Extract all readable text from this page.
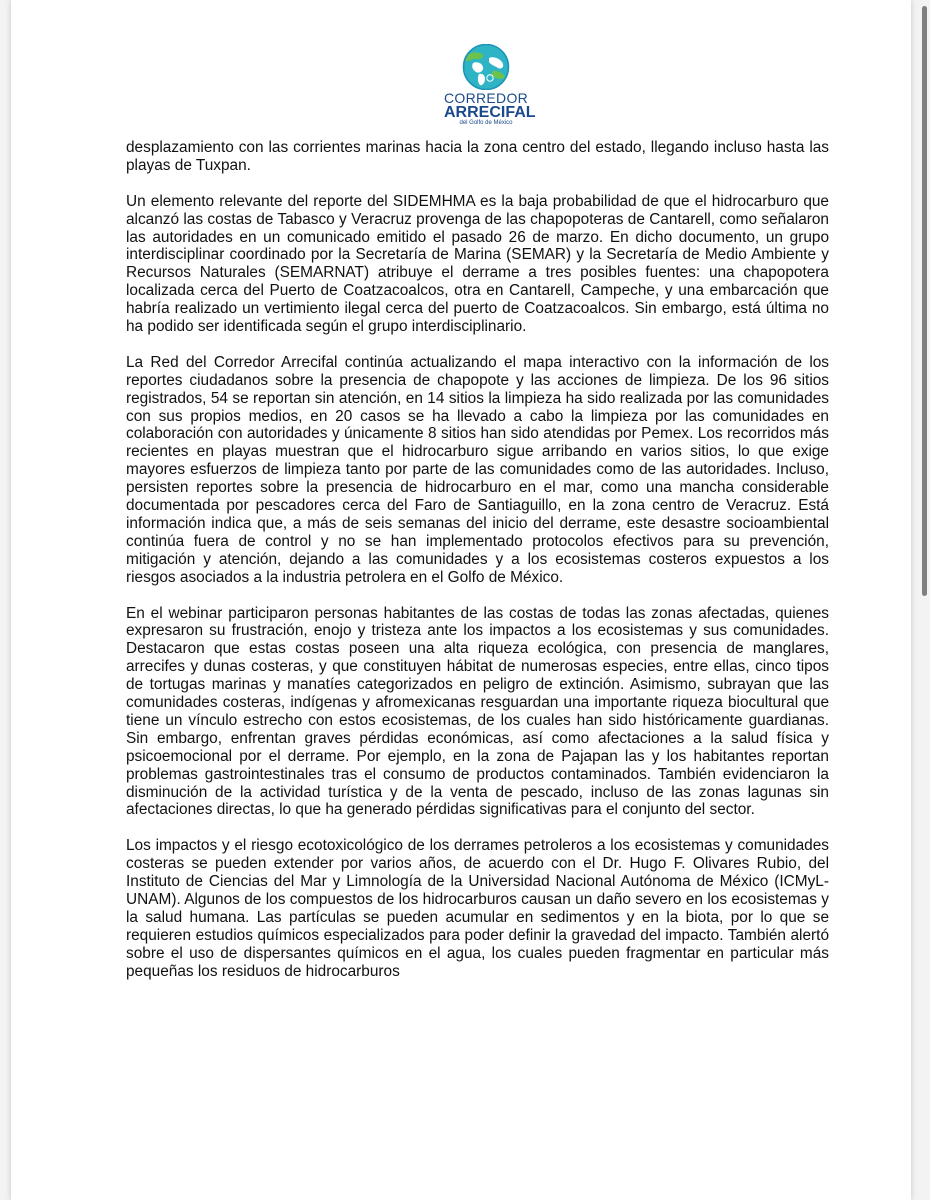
CORREDOR
ARRECIFAL
del Golfo de México

desplazamiento con las corrientes marinas hacia la zona centro del estado, llegando incluso hasta las playas de Tuxpan.

Un elemento relevante del reporte del SIDEMHMA es la baja probabilidad de que el hidrocarburo que alcanzó las costas de Tabasco y Veracruz provenga de las chapopoteras de Cantarell, como señalaron las autoridades en un comunicado emitido el pasado 26 de marzo. En dicho documento, un grupo interdisciplinar coordinado por la Secretaría de Marina (SEMAR) y la Secretaría de Medio Ambiente y Recursos Naturales (SEMARNAT) atribuye el derrame a tres posibles fuentes: una chapopotera localizada cerca del Puerto de Coatzacoalcos, otra en Cantarell, Campeche, y una embarcación que habría realizado un vertimiento ilegal cerca del puerto de Coatzacoalcos. Sin embargo, está última no ha podido ser identificada según el grupo interdisciplinario.

La Red del Corredor Arrecifal continúa actualizando el mapa interactivo con la información de los reportes ciudadanos sobre la presencia de chapopote y las acciones de limpieza. De los 96 sitios registrados, 54 se reportan sin atención, en 14 sitios la limpieza ha sido realizada por las comunidades con sus propios medios, en 20 casos se ha llevado a cabo la limpieza por las comunidades en colaboración con autoridades y únicamente 8 sitios han sido atendidas por Pemex. Los recorridos más recientes en playas muestran que el hidrocarburo sigue arribando en varios sitios, lo que exige mayores esfuerzos de limpieza tanto por parte de las comunidades como de las autoridades. Incluso, persisten reportes sobre la presencia de hidrocarburo en el mar, como una mancha considerable documentada por pescadores cerca del Faro de Santiaguillo, en la zona centro de Veracruz. Está información indica que, a más de seis semanas del inicio del derrame, este desastre socioambiental continúa fuera de control y no se han implementado protocolos efectivos para su prevención, mitigación y atención, dejando a las comunidades y a los ecosistemas costeros expuestos a los riesgos asociados a la industria petrolera en el Golfo de México.

En el webinar participaron personas habitantes de las costas de todas las zonas afectadas, quienes expresaron su frustración, enojo y tristeza ante los impactos a los ecosistemas y sus comunidades. Destacaron que estas costas poseen una alta riqueza ecológica, con presencia de manglares, arrecifes y dunas costeras, y que constituyen hábitat de numerosas especies, entre ellas, cinco tipos de tortugas marinas y manatíes categorizados en peligro de extinción. Asimismo, subrayan que las comunidades costeras, indígenas y afromexicanas resguardan una importante riqueza biocultural que tiene un vínculo estrecho con estos ecosistemas, de los cuales han sido históricamente guardianas. Sin embargo, enfrentan graves pérdidas económicas, así como afectaciones a la salud física y psicoemocional por el derrame. Por ejemplo, en la zona de Pajapan las y los habitantes reportan problemas gastrointestinales tras el consumo de productos contaminados. También evidenciaron la disminución de la actividad turística y de la venta de pescado, incluso de las zonas lagunas sin afectaciones directas, lo que ha generado pérdidas significativas para el conjunto del sector.

Los impactos y el riesgo ecotoxicológico de los derrames petroleros a los ecosistemas y comunidades costeras se pueden extender por varios años, de acuerdo con el Dr. Hugo F. Olivares Rubio, del Instituto de Ciencias del Mar y Limnología de la Universidad Nacional Autónoma de México (ICMyL-UNAM). Algunos de los compuestos de los hidrocarburos causan un daño severo en los ecosistemas y la salud humana. Las partículas se pueden acumular en sedimentos y en la biota, por lo que se requieren estudios químicos especializados para poder definir la gravedad del impacto. También alertó sobre el uso de dispersantes químicos en el agua, los cuales pueden fragmentar en particular más pequeñas los residuos de hidrocarburos
